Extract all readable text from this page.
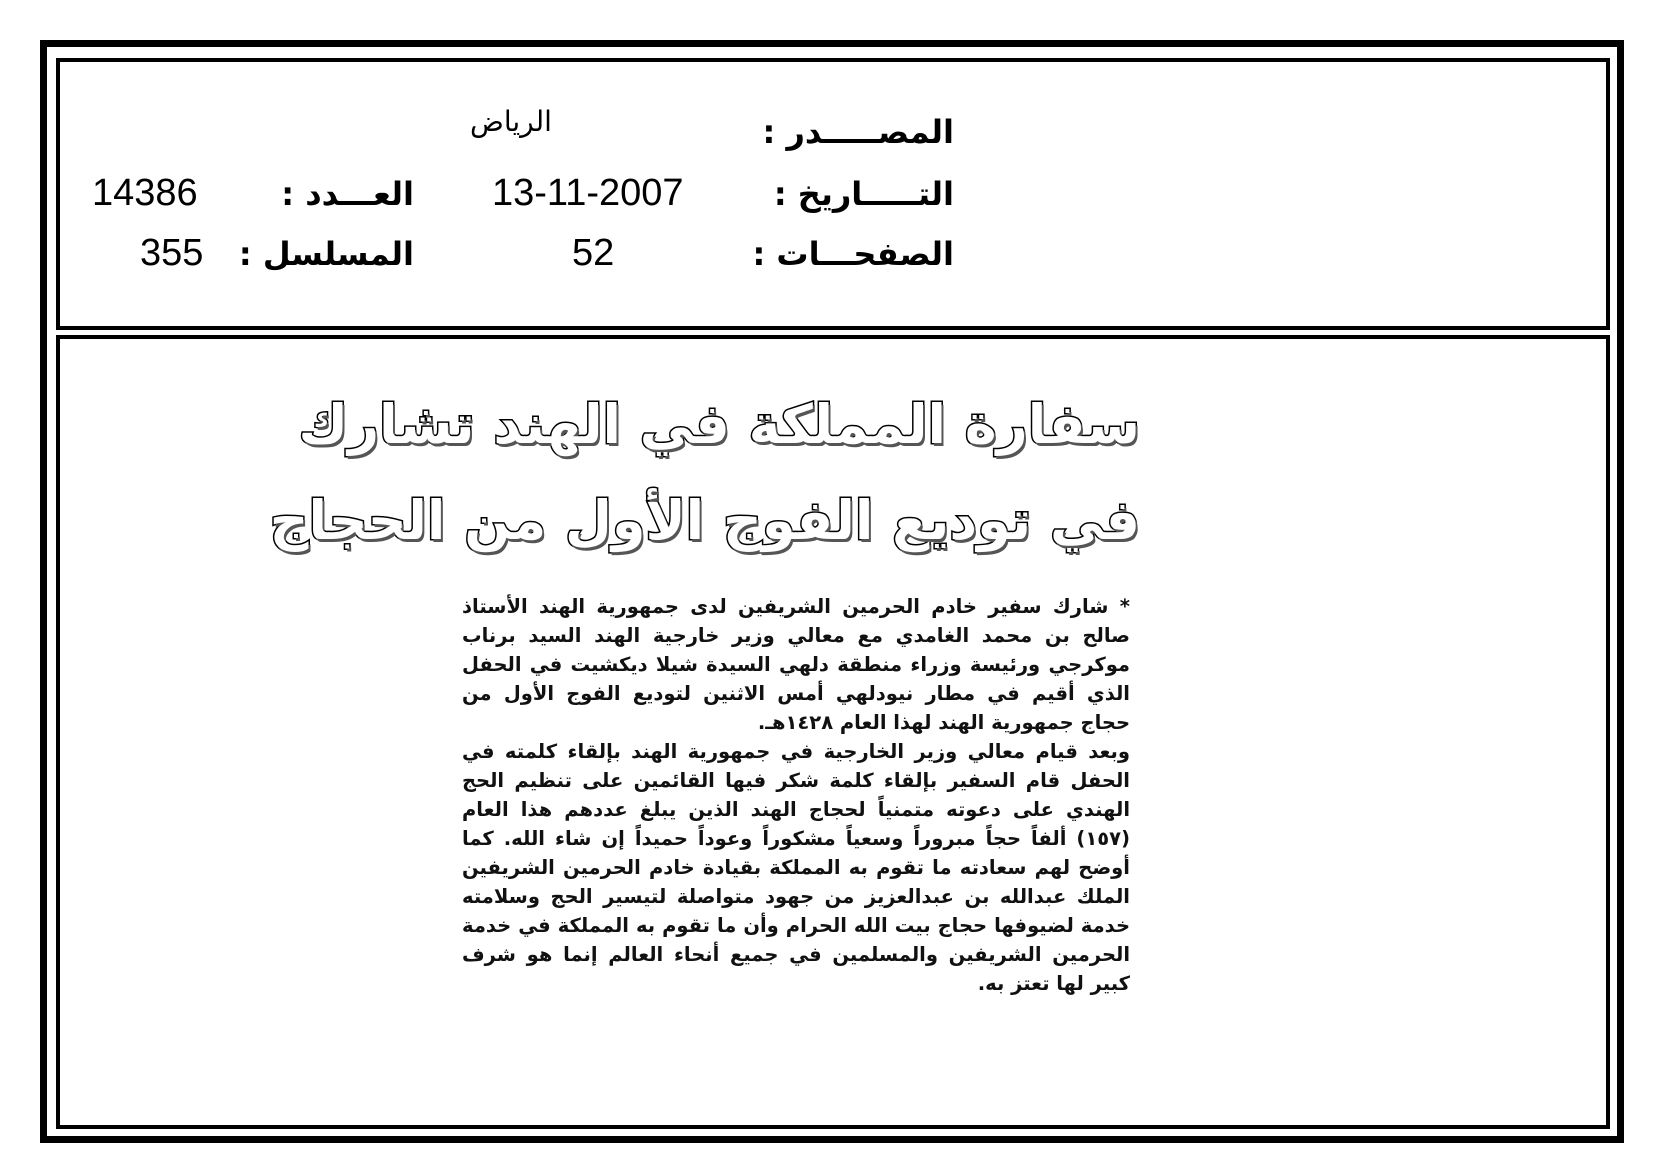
المصـــــدر :
الرياض
التـــــاريخ :
13-11-2007
العـــدد :
14386
الصفحـــات :
52
المسلسل :
355
سفارة المملكة في الهند تشارك
في توديع الفوج الأول من الحجاج

* شارك سفير خادم الحرمين الشريفين لدى جمهورية الهند الأستاذ صالح بن محمد الغامدي مع معالي وزير خارجية الهند السيد برناب موكرجي ورئيسة وزراء منطقة دلهي السيدة شيلا ديكشيت في الحفل الذي أقيم في مطار نيودلهي أمس الاثنين لتوديع الفوج الأول من حجاج جمهورية الهند لهذا العام ١٤٢٨هـ.

وبعد قيام معالي وزير الخارجية في جمهورية الهند بإلقاء كلمته في الحفل قام السفير بإلقاء كلمة شكر فيها القائمين على تنظيم الحج الهندي على دعوته متمنياً لحجاج الهند الذين يبلغ عددهم هذا العام (١٥٧) ألفاً حجاً مبروراً وسعياً مشكوراً وعوداً حميداً إن شاء الله. كما أوضح لهم سعادته ما تقوم به المملكة بقيادة خادم الحرمين الشريفين الملك عبدالله بن عبدالعزيز من جهود متواصلة لتيسير الحج وسلامته خدمة لضيوفها حجاج بيت الله الحرام وأن ما تقوم به المملكة في خدمة الحرمين الشريفين والمسلمين في جميع أنحاء العالم إنما هو شرف كبير لها تعتز به.
